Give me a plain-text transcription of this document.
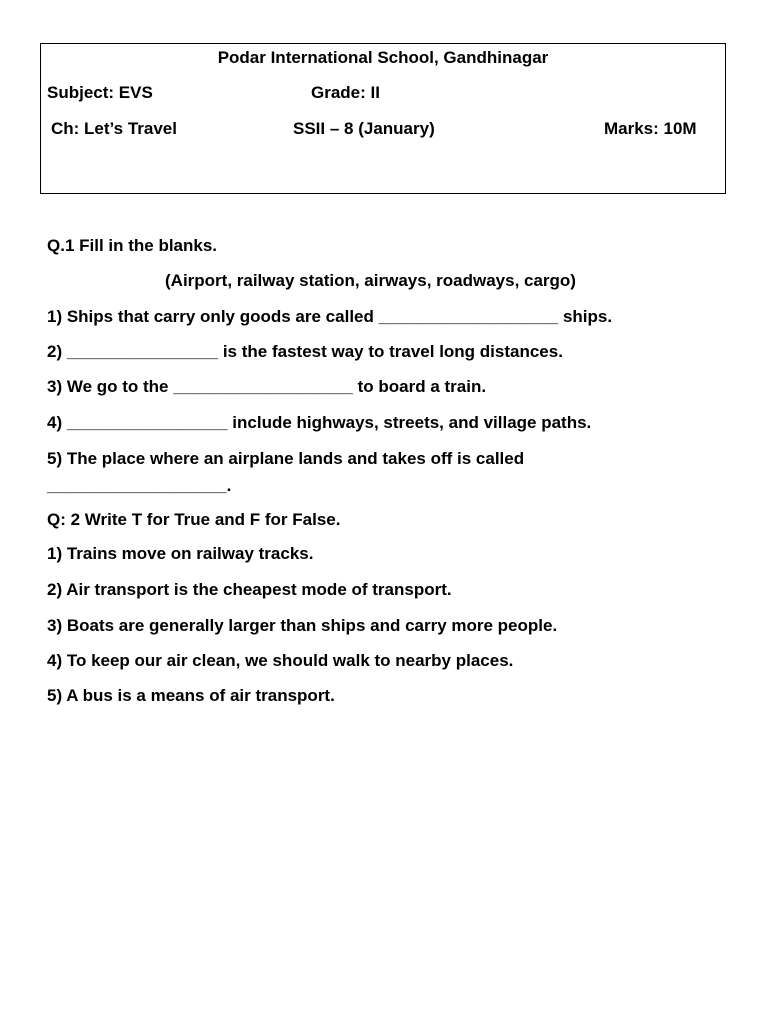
Podar International School, Gandhinagar
Subject: EVS	Grade: II
Ch: Let’s Travel	SSII – 8 (January)	Marks: 10M
Q.1 Fill in the blanks.
(Airport, railway station, airways, roadways, cargo)
1) Ships that carry only goods are called ___________________ ships.
2) ________________ is the fastest way to travel long distances.
3) We go to the ___________________ to board a train.
4) _________________ include highways, streets, and village paths.
5) The place where an airplane lands and takes off is called
___________________.
Q: 2 Write T for True and F for False.
1) Trains move on railway tracks.
2) Air transport is the cheapest mode of transport.
3) Boats are generally larger than ships and carry more people.
4) To keep our air clean, we should walk to nearby places.
5) A bus is a means of air transport.
